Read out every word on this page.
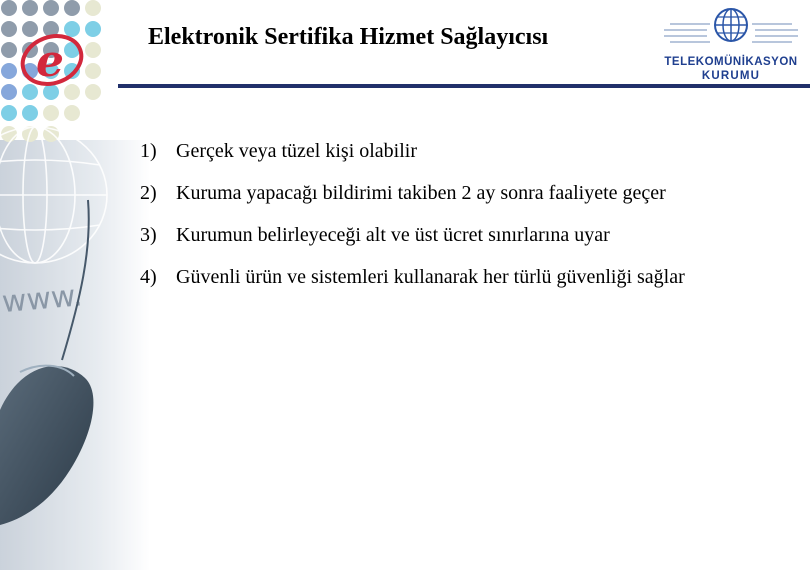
www.
e	Elektronik Sertifika Hizmet Sağlayıcısı
TELEKOMÜNİKASYON
KURUMU
1) Gerçek veya tüzel kişi olabilir
2) Kuruma yapacağı bildirimi takiben 2 ay sonra faaliyete geçer
3) Kurumun belirleyeceği alt ve üst ücret sınırlarına uyar
4) Güvenli ürün ve sistemleri kullanarak her türlü güvenliği sağlar
